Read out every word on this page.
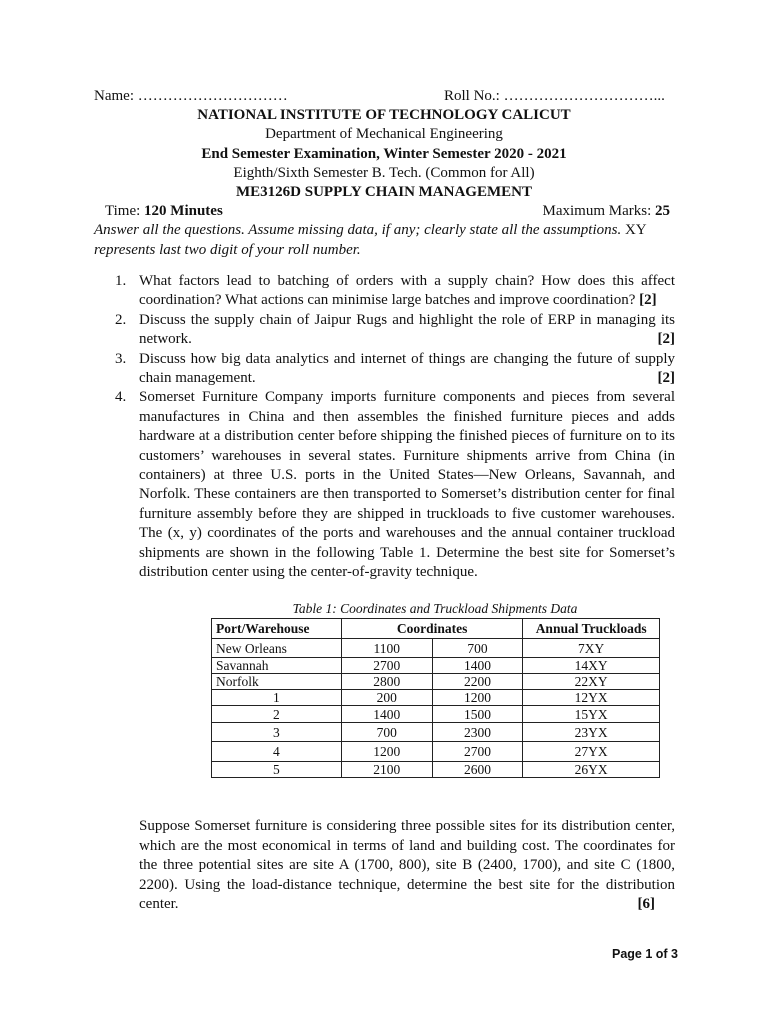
Name: …………………………	Roll No.: …………………………...
NATIONAL INSTITUTE OF TECHNOLOGY CALICUT
Department of Mechanical Engineering
End Semester Examination, Winter Semester 2020 - 2021
Eighth/Sixth Semester B. Tech. (Common for All)
ME3126D SUPPLY CHAIN MANAGEMENT
Time: 120 Minutes	Maximum Marks: 25
Answer all the questions. Assume missing data, if any; clearly state all the assumptions. XY
represents last two digit of your roll number.
1. What factors lead to batching of orders with a supply chain? How does this affect coordination? What actions can minimise large batches and improve coordination? [2]
2. Discuss the supply chain of Jaipur Rugs and highlight the role of ERP in managing its network.	[2]
3. Discuss how big data analytics and internet of things are changing the future of supply chain management.	[2]
4. Somerset Furniture Company imports furniture components and pieces from several manufactures in China and then assembles the finished furniture pieces and adds hardware at a distribution center before shipping the finished pieces of furniture on to its customers’ warehouses in several states. Furniture shipments arrive from China (in containers) at three U.S. ports in the United States—New Orleans, Savannah, and Norfolk. These containers are then transported to Somerset’s distribution center for final furniture assembly before they are shipped in truckloads to five customer warehouses. The (x, y) coordinates of the ports and warehouses and the annual container truckload shipments are shown in the following Table 1. Determine the best site for Somerset’s distribution center using the center-of-gravity technique.
Table 1: Coordinates and Truckload Shipments Data
Port/Warehouse	Coordinates		Annual Truckloads
New Orleans	1100	700	7XY
Savannah	2700	1400	14XY
Norfolk	2800	2200	22XY
1	200	1200	12YX
2	1400	1500	15YX
3	700	2300	23YX
4	1200	2700	27YX
5	2100	2600	26YX
Suppose Somerset furniture is considering three possible sites for its distribution center, which are the most economical in terms of land and building cost. The coordinates for the three potential sites are site A (1700, 800), site B (2400, 1700), and site C (1800, 2200). Using the load-distance technique, determine the best site for the distribution center.	[6]
Page 1 of 3
